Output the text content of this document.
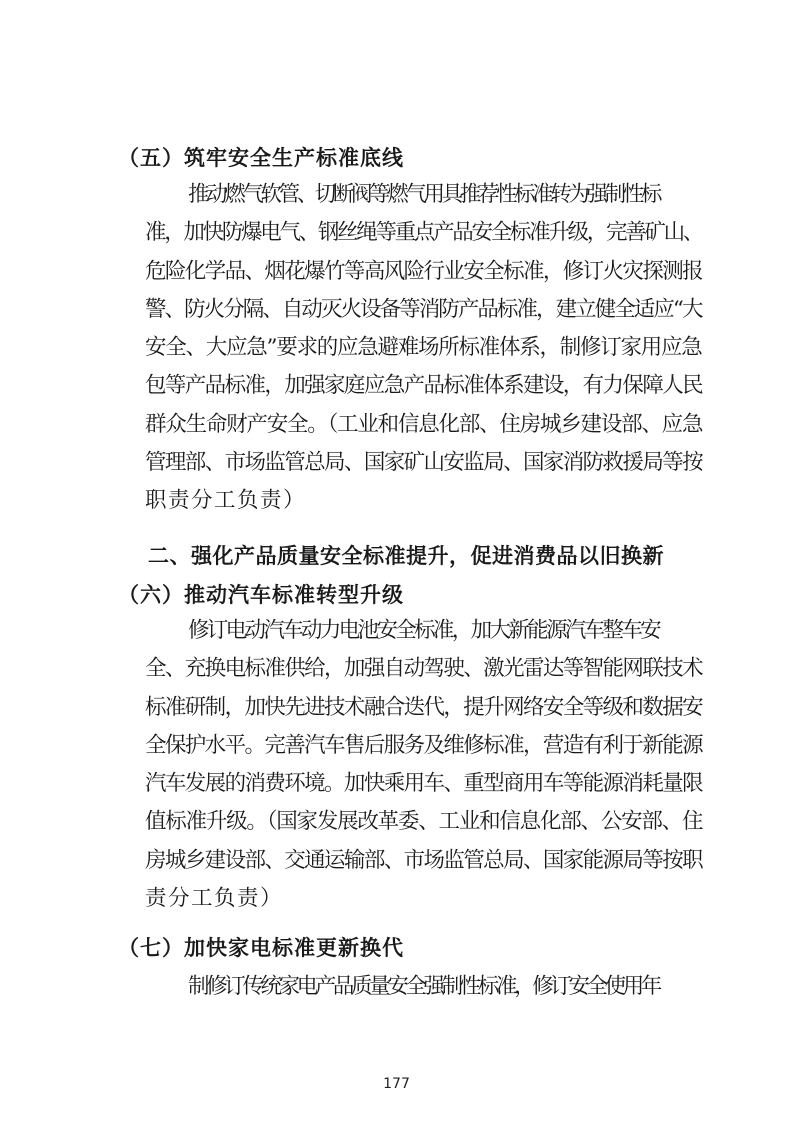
（五）筑牢安全生产标准底线
推动燃气软管、切断阀等燃气用具推荐性标准转为强制性标
准，加快防爆电气、钢丝绳等重点产品安全标准升级，完善矿山、
危险化学品、烟花爆竹等高风险行业安全标准，修订火灾探测报
警、防火分隔、自动灭火设备等消防产品标准，建立健全适应“大
安全、大应急”要求的应急避难场所标准体系，制修订家用应急
包等产品标准，加强家庭应急产品标准体系建设，有力保障人民
群众生命财产安全。（工业和信息化部、住房城乡建设部、应急
管理部、市场监管总局、国家矿山安监局、国家消防救援局等按
职责分工负责）
二、强化产品质量安全标准提升，促进消费品以旧换新
（六）推动汽车标准转型升级
修订电动汽车动力电池安全标准，加大新能源汽车整车安
全、充换电标准供给，加强自动驾驶、激光雷达等智能网联技术
标准研制，加快先进技术融合迭代，提升网络安全等级和数据安
全保护水平。完善汽车售后服务及维修标准，营造有利于新能源
汽车发展的消费环境。加快乘用车、重型商用车等能源消耗量限
值标准升级。（国家发展改革委、工业和信息化部、公安部、住
房城乡建设部、交通运输部、市场监管总局、国家能源局等按职
责分工负责）
（七）加快家电标准更新换代
制修订传统家电产品质量安全强制性标准，修订安全使用年
177
